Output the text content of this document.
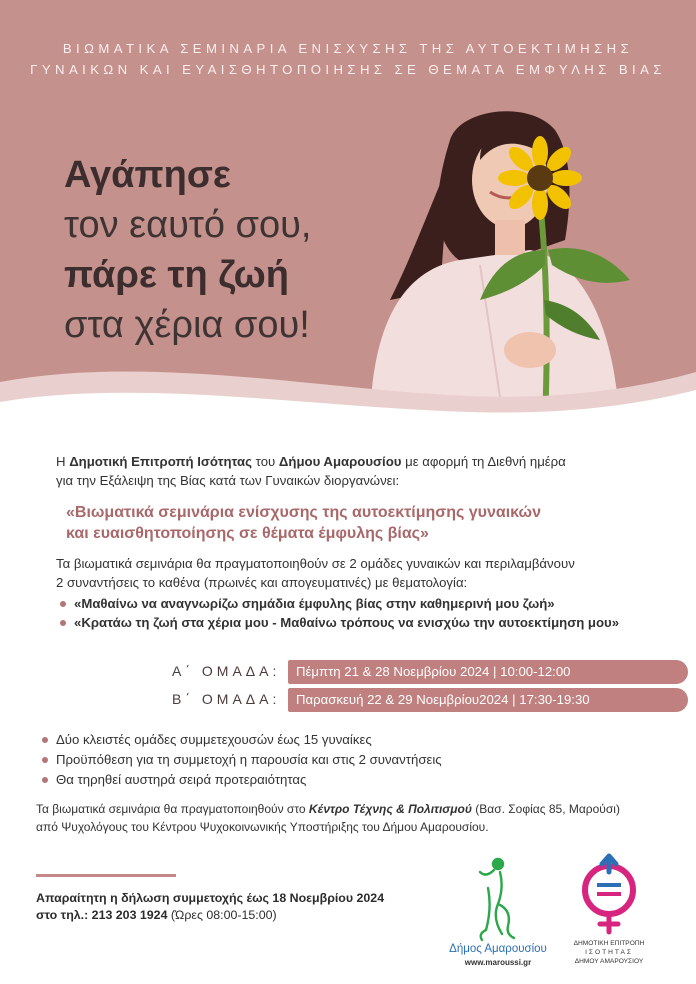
ΒΙΩΜΑΤΙΚΑ ΣΕΜΙΝΑΡΙΑ ΕΝΙΣΧΥΣΗΣ ΤΗΣ ΑΥΤΟΕΚΤΙΜΗΣΗΣ
ΓΥΝΑΙΚΩΝ ΚΑΙ ΕΥΑΙΣΘΗΤΟΠΟΙΗΣΗΣ ΣΕ ΘΕΜΑΤΑ ΕΜΦΥΛΗΣ ΒΙΑΣ
Αγάπησε
τον εαυτό σου,
πάρε τη ζωή
στα χέρια σου!

Η Δημοτική Επιτροπή Ισότητας του Δήμου Αμαρουσίου με αφορμή τη Διεθνή ημέρα
για την Εξάλειψη της Βίας κατά των Γυναικών διοργανώνει:

«Βιωματικά σεμινάρια ενίσχυσης της αυτοεκτίμησης γυναικών
και ευαισθητοποίησης σε θέματα έμφυλης βίας»

Τα βιωματικά σεμινάρια θα πραγματοποιηθούν σε 2 ομάδες γυναικών και περιλαμβάνουν
2 συναντήσεις το καθένα (πρωινές και απογευματινές) με θεματολογία:

«Μαθαίνω να αναγνωρίζω σημάδια έμφυλης βίας στην καθημερινή μου ζωή»
«Κρατάω τη ζωή στα χέρια μου - Μαθαίνω τρόπους να ενισχύω την αυτοεκτίμηση μου»
Α΄ ΟΜΑΔΑ:	Πέμπτη 21 & 28 Νοεμβρίου 2024 | 10:00-12:00
Β΄ ΟΜΑΔΑ:	Παρασκευή 22 & 29 Νοεμβρίου2024 | 17:30-19:30
Δύο κλειστές ομάδες συμμετεχουσών έως 15 γυναίκες
Προϋπόθεση για τη συμμετοχή η παρουσία και στις 2 συναντήσεις
Θα τηρηθεί αυστηρά σειρά προτεραιότητας
Τα βιωματικά σεμινάρια θα πραγματοποιηθούν στο Κέντρο Τέχνης & Πολιτισμού (Βασ. Σοφίας 85, Μαρούσι)
από Ψυχολόγους του Κέντρου Ψυχοκοινωνικής Υποστήριξης του Δήμου Αμαρουσίου.
Απαραίτητη η δήλωση συμμετοχής έως 18 Νοεμβρίου 2024
στο τηλ.: 213 203 1924 (Ώρες 08:00-15:00)
Δήμος Αμαρουσίου
www.maroussi.gr
ΔΗΜΟΤΙΚΗ ΕΠΙΤΡΟΠΗ
ΙΣΟΤΗΤΑΣ
ΔΗΜΟΥ ΑΜΑΡΟΥΣΙΟΥ
